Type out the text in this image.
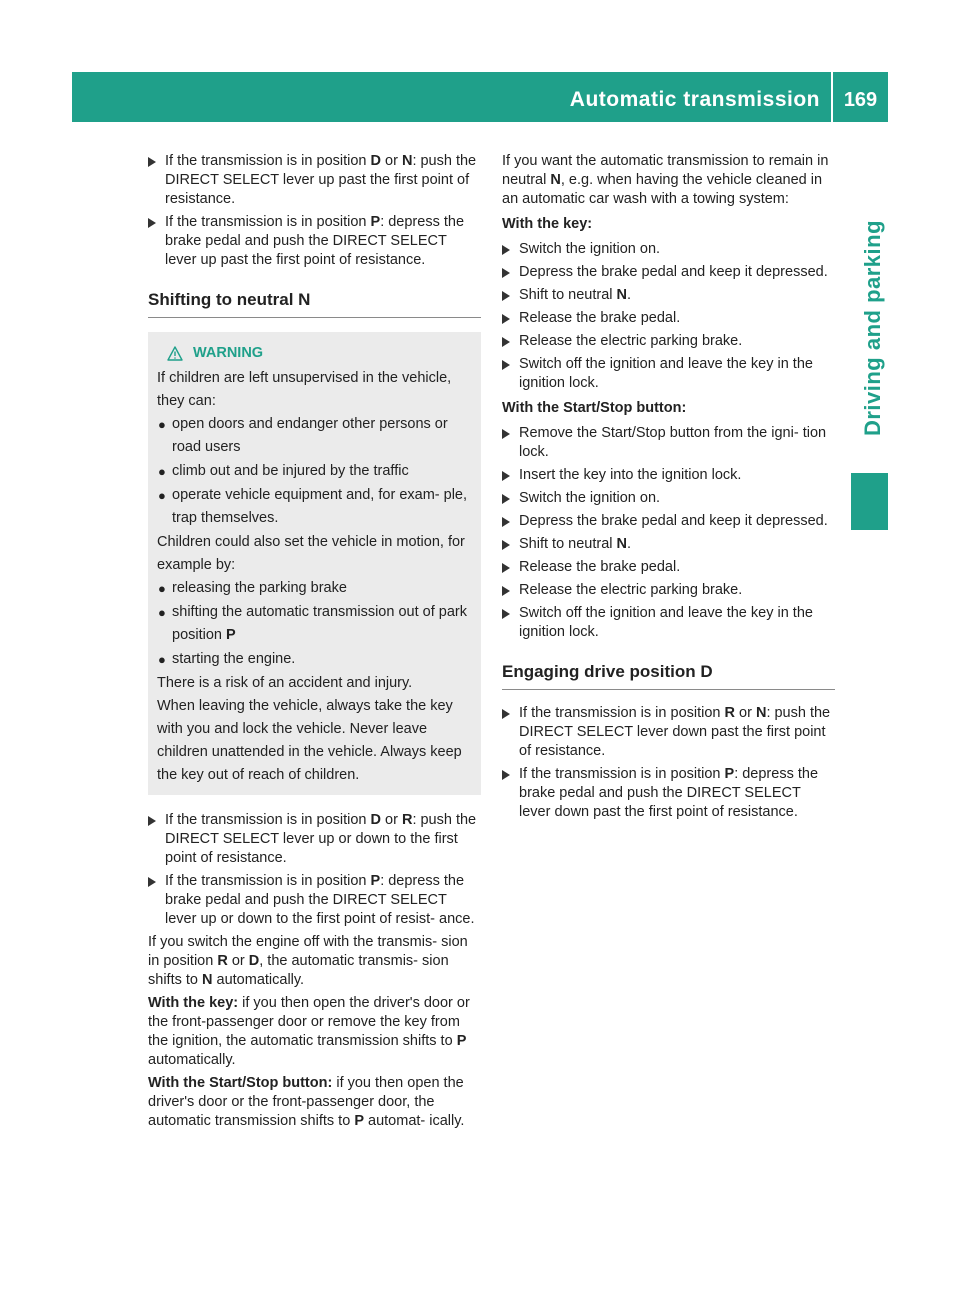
Automatic transmission	169
Driving and parking

If the transmission is in position D or N: push the DIRECT SELECT lever up past the first point of resistance.

If the transmission is in position P: depress the brake pedal and push the DIRECT SELECT lever up past the first point of resistance.

Shifting to neutral N
WARNING

If children are left unsupervised in the vehicle, they can:

● open doors and endanger other persons or road users

● climb out and be injured by the traffic

● operate vehicle equipment and, for exam- ple, trap themselves.

Children could also set the vehicle in motion, for example by:

● releasing the parking brake

● shifting the automatic transmission out of park position P

● starting the engine.

There is a risk of an accident and injury.

When leaving the vehicle, always take the key with you and lock the vehicle. Never leave children unattended in the vehicle. Always keep the key out of reach of children.

If the transmission is in position D or R: push the DIRECT SELECT lever up or down to the first point of resistance.

If the transmission is in position P: depress the brake pedal and push the DIRECT SELECT lever up or down to the first point of resist- ance.

If you switch the engine off with the transmis- sion in position R or D, the automatic transmis- sion shifts to N automatically.

With the key: if you then open the driver's door or the front-passenger door or remove the key from the ignition, the automatic transmission shifts to P automatically.

With the Start/Stop button: if you then open the driver's door or the front-passenger door, the automatic transmission shifts to P automat- ically.

If you want the automatic transmission to remain in neutral N, e.g. when having the vehicle cleaned in an automatic car wash with a towing system:

With the key:

Switch the ignition on.

Depress the brake pedal and keep it depressed.

Shift to neutral N.

Release the brake pedal.

Release the electric parking brake.

Switch off the ignition and leave the key in the ignition lock.

With the Start/Stop button:

Remove the Start/Stop button from the igni- tion lock.

Insert the key into the ignition lock.

Switch the ignition on.

Depress the brake pedal and keep it depressed.

Shift to neutral N.

Release the brake pedal.

Release the electric parking brake.

Switch off the ignition and leave the key in the ignition lock.

Engaging drive position D

If the transmission is in position R or N: push the DIRECT SELECT lever down past the first point of resistance.

If the transmission is in position P: depress the brake pedal and push the DIRECT SELECT lever down past the first point of resistance.
